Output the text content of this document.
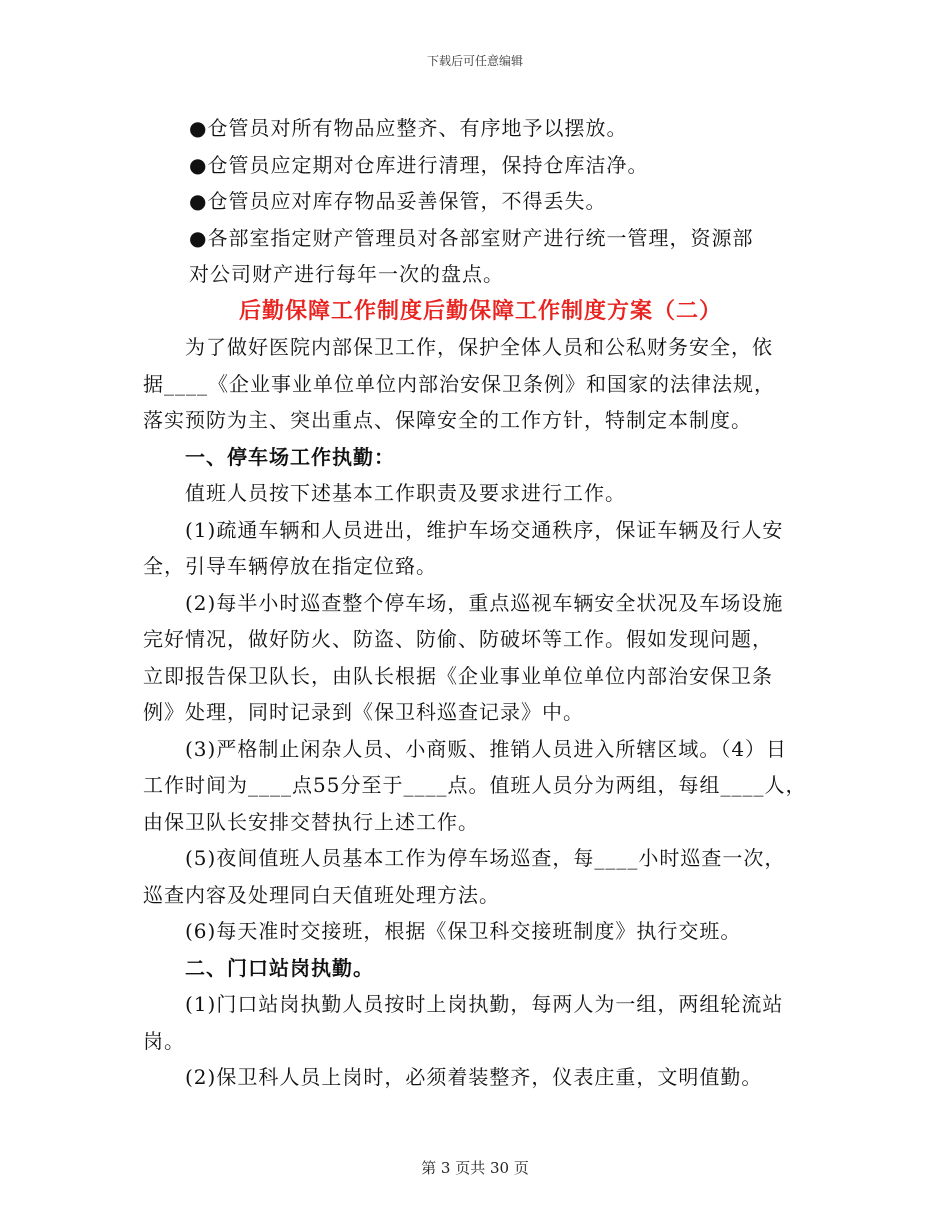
下载后可任意编辑

●仓管员对所有物品应整齐、有序地予以摆放。

●仓管员应定期对仓库进行清理，保持仓库洁净。

●仓管员应对库存物品妥善保管，不得丢失。

●各部室指定财产管理员对各部室财产进行统一管理，资源部

对公司财产进行每年一次的盘点。

后勤保障工作制度后勤保障工作制度方案（二）

为了做好医院内部保卫工作，保护全体人员和公私财务安全，依

据____《企业事业单位单位内部治安保卫条例》和国家的法律法规，

落实预防为主、突出重点、保障安全的工作方针，特制定本制度。

一、停车场工作执勤：

值班人员按下述基本工作职责及要求进行工作。

(1)疏通车辆和人员进出，维护车场交通秩序，保证车辆及行人安

全，引导车辆停放在指定位臵。

(2)每半小时巡查整个停车场，重点巡视车辆安全状况及车场设施

完好情况，做好防火、防盗、防偷、防破坏等工作。假如发现问题，

立即报告保卫队长，由队长根据《企业事业单位单位内部治安保卫条

例》处理，同时记录到《保卫科巡查记录》中。

(3)严格制止闲杂人员、小商贩、推销人员进入所辖区域。（4）日

工作时间为____点55分至于____点。值班人员分为两组，每组____人，

由保卫队长安排交替执行上述工作。

(5)夜间值班人员基本工作为停车场巡查，每____小时巡查一次，

巡查内容及处理同白天值班处理方法。

(6)每天准时交接班，根据《保卫科交接班制度》执行交班。

二、门口站岗执勤。

(1)门口站岗执勤人员按时上岗执勤，每两人为一组，两组轮流站

岗。

(2)保卫科人员上岗时，必须着装整齐，仪表庄重，文明值勤。

第 3 页共 30 页
